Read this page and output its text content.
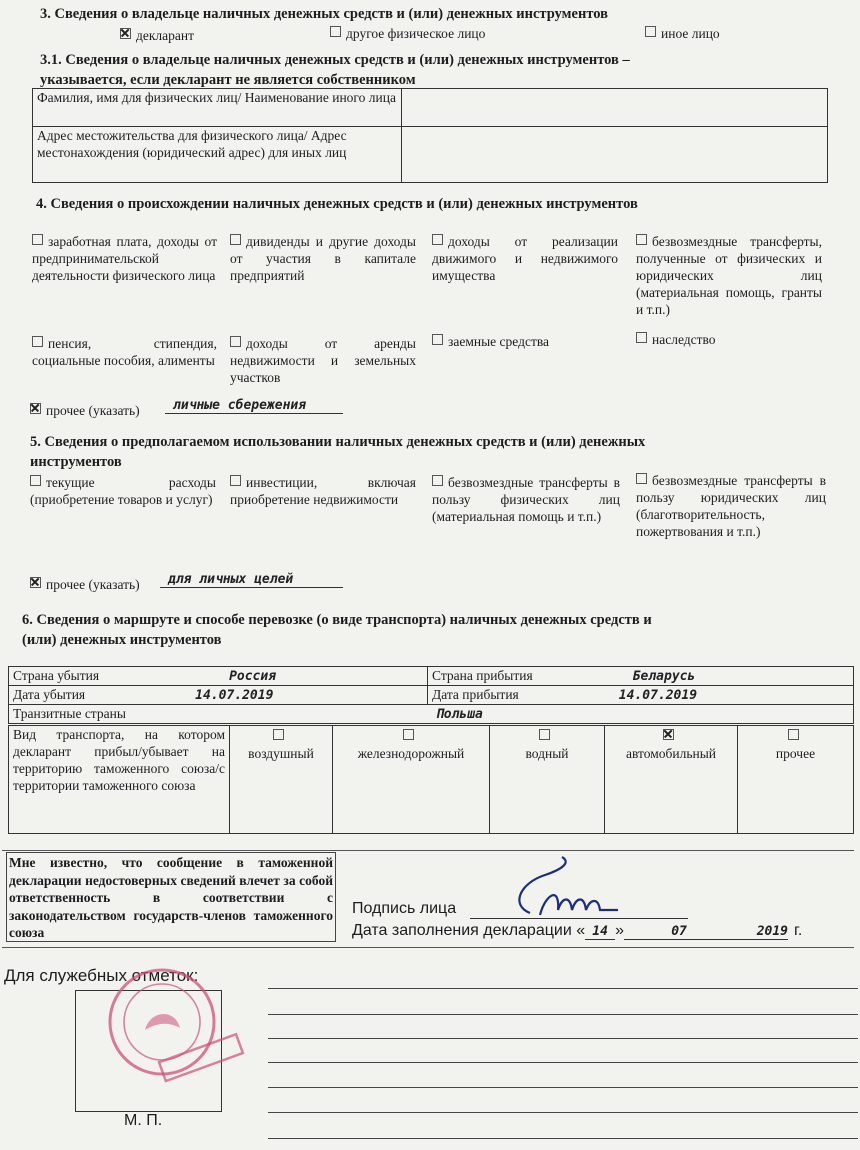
3. Сведения о владельце наличных денежных средств и (или) денежных инструментов
декларант	другое физическое лицо	иное лицо
3.1. Сведения о владельце наличных денежных средств и (или) денежных инструментов –
указывается, если декларант не является собственником
Фамилия, имя для физических лиц/ Наименование иного лица	
Адрес местожительства для физического лица/ Адрес местонахождения (юридический адрес) для иных лиц	
4. Сведения о происхождении наличных денежных средств и (или) денежных инструментов
заработная плата, доходы от предпринимательской деятельности физического лица
дивиденды и другие доходы от участия в капитале предприятий
доходы от реализации движимого и недвижимого имущества
безвозмездные трансферты, полученные от физических и юридических лиц (материальная помощь, гранты и т.п.)
пенсия, стипендия, социальные пособия, алименты
доходы от аренды недвижимости и земельных участков
заемные средства	наследство
прочее (указать)	личные сбережения
5. Сведения о предполагаемом использовании наличных денежных средств и (или) денежных
инструментов
текущие расходы (приобретение товаров и услуг)
инвестиции, включая приобретение недвижимости
безвозмездные трансферты в пользу физических лиц (материальная помощь и т.п.)
безвозмездные трансферты в пользу юридических лиц (благотворительность, пожертвования и т.п.)
прочее (указать)	для личных целей
6. Сведения о маршруте и способе перевозке (о виде транспорта) наличных денежных средств и
(или) денежных инструментов
Страна убытия Россия	Страна прибытия Беларусь
Дата убытия 14.07.2019	Дата прибытия 14.07.2019
Транзитные страны Польша	
Вид транспорта, на котором декларант прибыл/убывает на территорию таможенного союза/с территории таможенного союза	
воздушный	железнодорожный	водный	автомобильный	прочее
Мне известно, что сообщение в таможенной декларации недостоверных сведений влечет за собой ответственность в соответствии с законодательством государств-членов таможенного союза
Подпись лица
Дата заполнения декларации « 14 »	07	2019 г.
Для служебных отметок:
М. П.
